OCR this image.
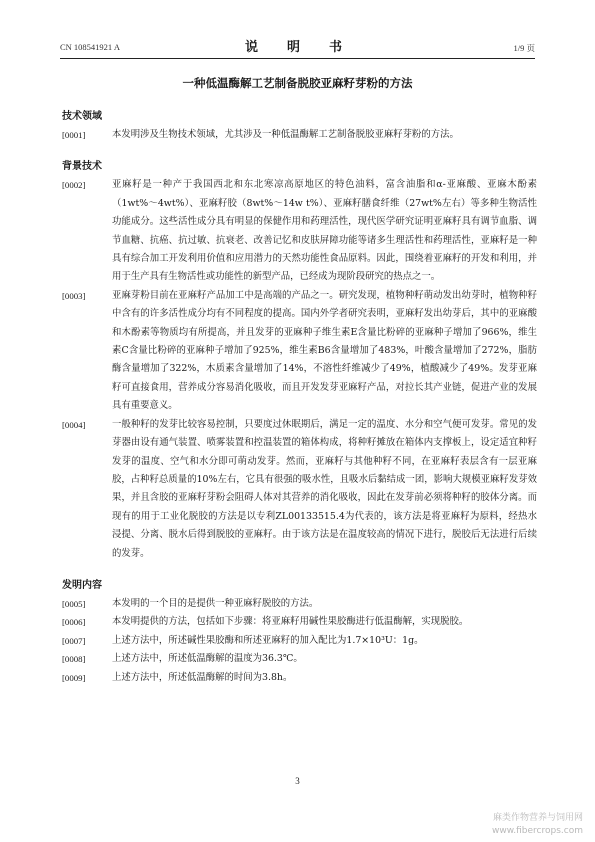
CN 108541921 A	说　明　书	1/9 页
一种低温酶解工艺制备脱胶亚麻籽芽粉的方法
技术领域
[0001]	本发明涉及生物技术领域，尤其涉及一种低温酶解工艺制备脱胶亚麻籽芽粉的方法。
背景技术
[0002]	亚麻籽是一种产于我国西北和东北寒凉高原地区的特色油料，富含油脂和α-亚麻酸、亚麻木酚素（1wt%～4wt%）、亚麻籽胶（8wt%～14w t%）、亚麻籽膳食纤维（27wt%左右）等多种生物活性功能成分。这些活性成分具有明显的保健作用和药理活性，现代医学研究证明亚麻籽具有调节血脂、调节血糖、抗癌、抗过敏、抗衰老、改善记忆和皮肤屏障功能等诸多生理活性和药理活性，亚麻籽是一种具有综合加工开发利用价值和应用潜力的天然功能性食品原料。因此，围绕着亚麻籽的开发和利用，并用于生产具有生物活性或功能性的新型产品，已经成为现阶段研究的热点之一。
[0003]	亚麻芽粉目前在亚麻籽产品加工中是高端的产品之一。研究发现，植物种籽萌动发出幼芽时，植物种籽中含有的许多活性成分均有不同程度的提高。国内外学者研究表明，亚麻籽发出幼芽后，其中的亚麻酸和木酚素等物质均有所提高，并且发芽的亚麻种子维生素E含量比粉碎的亚麻种子增加了966%，维生素C含量比粉碎的亚麻种子增加了925%，维生素B6含量增加了483%，叶酸含量增加了272%，脂肪酶含量增加了322%，木质素含量增加了14%，不溶性纤维减少了49%，植酸减少了49%。发芽亚麻籽可直接食用，营养成分容易消化吸收，而且开发发芽亚麻籽产品，对拉长其产业链，促进产业的发展具有重要意义。
[0004]	一般种籽的发芽比较容易控制，只要度过休眠期后，满足一定的温度、水分和空气便可发芽。常见的发芽器由设有通气装置、喷雾装置和控温装置的箱体构成，将种籽摊放在箱体内支撑板上，设定适宜种籽发芽的温度、空气和水分即可萌动发芽。然而，亚麻籽与其他种籽不同，在亚麻籽表层含有一层亚麻胶，占种籽总质量的10%左右，它具有很强的吸水性，且吸水后黏结成一团，影响大规模亚麻籽发芽效果，并且含胶的亚麻籽芽粉会阻碍人体对其营养的消化吸收，因此在发芽前必须将种籽的胶体分离。而现有的用于工业化脱胶的方法是以专利ZL00133515.4为代表的，该方法是将亚麻籽为原料，经热水浸提、分离、脱水后得到脱胶的亚麻籽。由于该方法是在温度较高的情况下进行，脱胶后无法进行后续的发芽。
发明内容
[0005]	本发明的一个目的是提供一种亚麻籽脱胶的方法。
[0006]	本发明提供的方法，包括如下步骤：将亚麻籽用碱性果胶酶进行低温酶解，实现脱胶。
[0007]	上述方法中，所述碱性果胶酶和所述亚麻籽的加入配比为1.7×10³U：1g。
[0008]	上述方法中，所述低温酶解的温度为36.3℃。
[0009]	上述方法中，所述低温酶解的时间为3.8h。
3
麻类作物营养与饲用网
www.fibercrops.com
